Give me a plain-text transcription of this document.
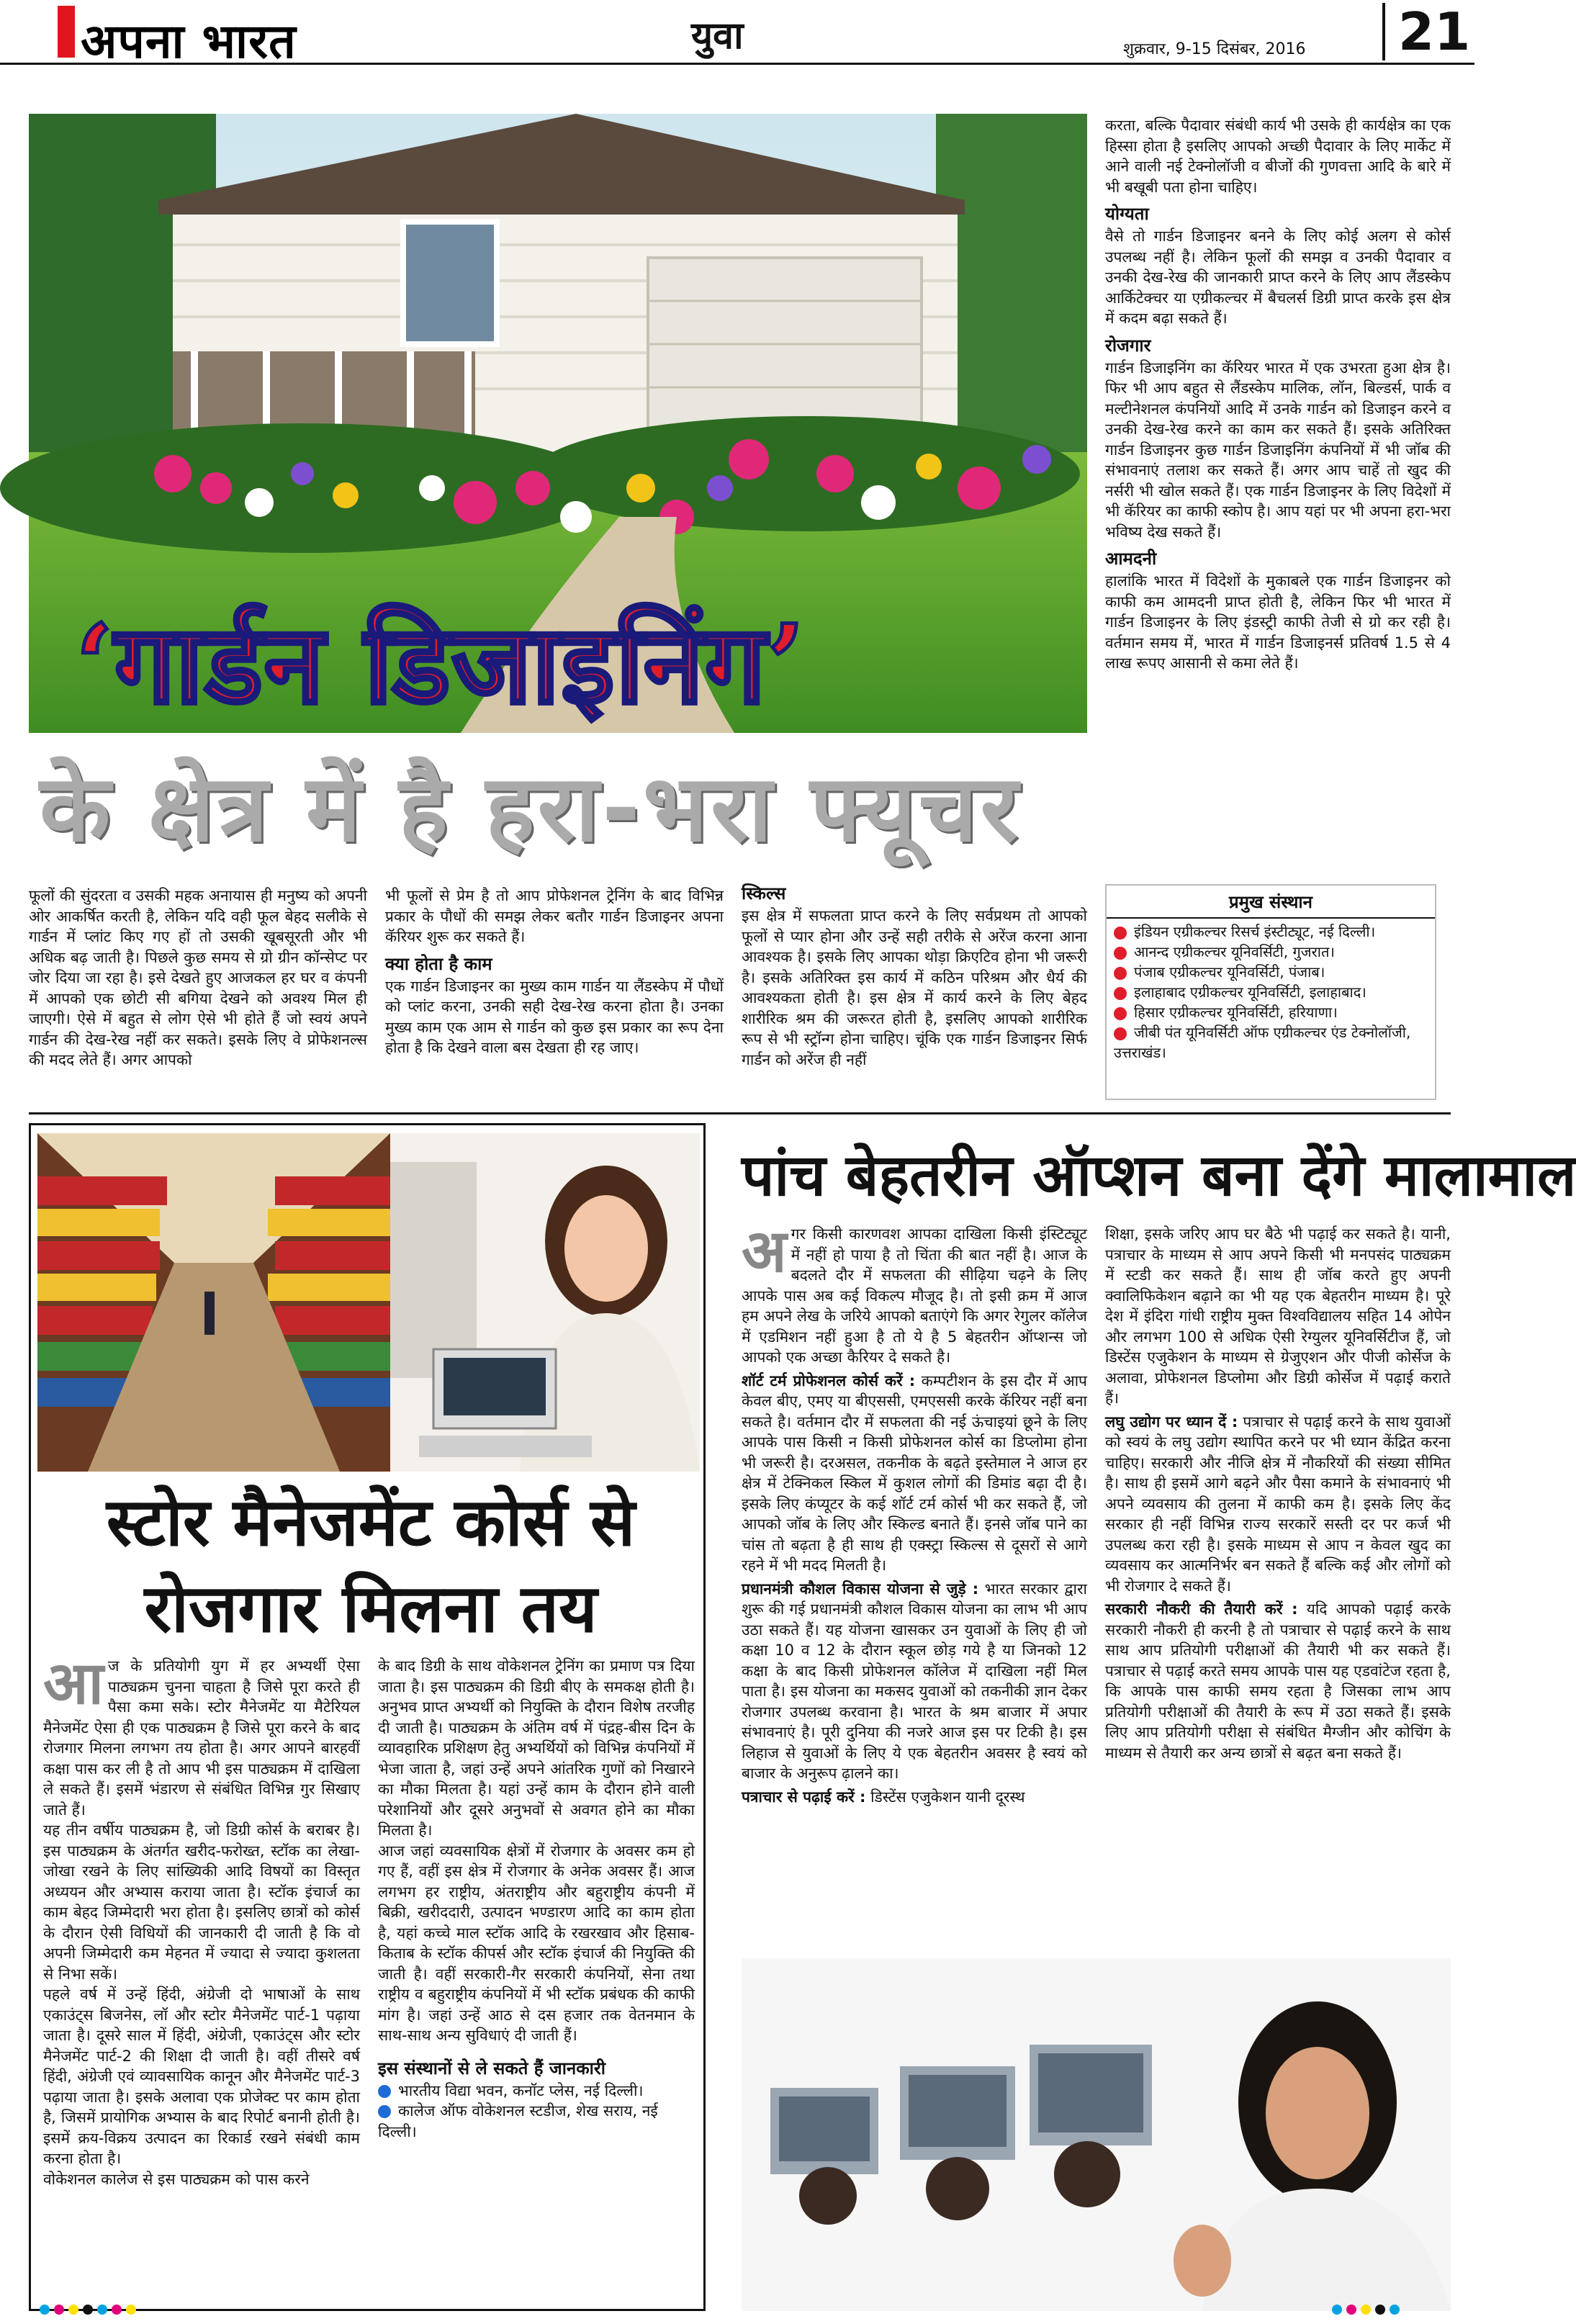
अपना भारत	युवा	शुक्रवार, 9-15 दिसंबर, 2016	21
‘गार्डन डिजाइनिंग’
के क्षेत्र में है हरा-भरा फ्यूचर

करता, बल्कि पैदावार संबंधी कार्य भी उसके ही कार्यक्षेत्र का एक हिस्सा होता है इसलिए आपको अच्छी पैदावार के लिए मार्केट में आने वाली नई टेक्नोलॉजी व बीजों की गुणवत्ता आदि के बारे में भी बखूबी पता होना चाहिए।

योग्यता

वैसे तो गार्डन डिजाइनर बनने के लिए कोई अलग से कोर्स उपलब्ध नहीं है। लेकिन फूलों की समझ व उनकी पैदावार व उनकी देख-रेख की जानकारी प्राप्त करने के लिए आप लैंडस्केप आर्किटेक्चर या एग्रीकल्चर में बैचलर्स डिग्री प्राप्त करके इस क्षेत्र में कदम बढ़ा सकते हैं।

रोजगार

गार्डन डिजाइनिंग का कॅरियर भारत में एक उभरता हुआ क्षेत्र है। फिर भी आप बहुत से लैंडस्केप मालिक, लॉन, बिल्डर्स, पार्क व मल्टीनेशनल कंपनियों आदि में उनके गार्डन को डिजाइन करने व उनकी देख-रेख करने का काम कर सकते हैं। इसके अतिरिक्त गार्डन डिजाइनर कुछ गार्डन डिजाइनिंग कंपनियों में भी जॉब की संभावनाएं तलाश कर सकते हैं। अगर आप चाहें तो खुद की नर्सरी भी खोल सकते हैं। एक गार्डन डिजाइनर के लिए विदेशों में भी कॅरियर का काफी स्कोप है। आप यहां पर भी अपना हरा-भरा भविष्य देख सकते हैं।

आमदनी

हालांकि भारत में विदेशों के मुकाबले एक गार्डन डिजाइनर को काफी कम आमदनी प्राप्त होती है, लेकिन फिर भी भारत में गार्डन डिजाइनर के लिए इंडस्ट्री काफी तेजी से ग्रो कर रही है। वर्तमान समय में, भारत में गार्डन डिजाइनर्स प्रतिवर्ष 1.5 से 4 लाख रूपए आसानी से कमा लेते हैं।

प्रमुख संस्थान
इंडियन एग्रीकल्चर रिसर्च इंस्टीट्यूट, नई दिल्ली।
आनन्द एग्रीकल्चर यूनिवर्सिटी, गुजरात।
पंजाब एग्रीकल्चर यूनिवर्सिटी, पंजाब।
इलाहाबाद एग्रीकल्चर यूनिवर्सिटी, इलाहाबाद।
हिसार एग्रीकल्चर यूनिवर्सिटी, हरियाणा।
जीबी पंत यूनिवर्सिटी ऑफ एग्रीकल्चर एंड टेक्नोलॉजी, उत्तराखंड।

फूलों की सुंदरता व उसकी महक अनायास ही मनुष्य को अपनी ओर आकर्षित करती है, लेकिन यदि वही फूल बेहद सलीके से गार्डन में प्लांट किए गए हों तो उसकी खूबसूरती और भी अधिक बढ़ जाती है। पिछले कुछ समय से ग्रो ग्रीन कॉन्सेप्ट पर जोर दिया जा रहा है। इसे देखते हुए आजकल हर घर व कंपनी में आपको एक छोटी सी बगिया देखने को अवश्य मिल ही जाएगी। ऐसे में बहुत से लोग ऐसे भी होते हैं जो स्वयं अपने गार्डन की देख-रेख नहीं कर सकते। इसके लिए वे प्रोफेशनल्स की मदद लेते हैं। अगर आपको

भी फूलों से प्रेम है तो आप प्रोफेशनल ट्रेनिंग के बाद विभिन्न प्रकार के पौधों की समझ लेकर बतौर गार्डन डिजाइनर अपना कॅरियर शुरू कर सकते हैं।

क्या होता है काम

एक गार्डन डिजाइनर का मुख्य काम गार्डन या लैंडस्केप में पौधों को प्लांट करना, उनकी सही देख-रेख करना होता है। उनका मुख्य काम एक आम से गार्डन को कुछ इस प्रकार का रूप देना होता है कि देखने वाला बस देखता ही रह जाए।

स्किल्स

इस क्षेत्र में सफलता प्राप्त करने के लिए सर्वप्रथम तो आपको फूलों से प्यार होना और उन्हें सही तरीके से अरेंज करना आना आवश्यक है। इसके लिए आपका थोड़ा क्रिएटिव होना भी जरूरी है। इसके अतिरिक्त इस कार्य में कठिन परिश्रम और धैर्य की आवश्यकता होती है। इस क्षेत्र में कार्य करने के लिए बेहद शारीरिक श्रम की जरूरत होती है, इसलिए आपको शारीरिक रूप से भी स्ट्रॉन्ग होना चाहिए। चूंकि एक गार्डन डिजाइनर सिर्फ गार्डन को अरेंज ही नहीं

स्टोर मैनेजमेंट कोर्स से रोजगार मिलना तय
आज के प्रतियोगी युग में हर अभ्यर्थी ऐसा पाठ्यक्रम चुनना चाहता है जिसे पूरा करते ही पैसा कमा सके। स्टोर मैनेजमेंट या मैटेरियल मैनेजमेंट ऐसा ही एक पाठ्यक्रम है जिसे पूरा करने के बाद रोजगार मिलना लगभग तय होता है। अगर आपने बारहवीं कक्षा पास कर ली है तो आप भी इस पाठ्यक्रम में दाखिला ले सकते हैं। इसमें भंडारण से संबंधित विभिन्न गुर सिखाए जाते हैं।
यह तीन वर्षीय पाठ्यक्रम है, जो डिग्री कोर्स के बराबर है। इस पाठ्यक्रम के अंतर्गत खरीद-फरोख्त, स्टॉक का लेखा-जोखा रखने के लिए सांख्यिकी आदि विषयों का विस्तृत अध्ययन और अभ्यास कराया जाता है। स्टॉक इंचार्ज का काम बेहद जिम्मेदारी भरा होता है। इसलिए छात्रों को कोर्स के दौरान ऐसी विधियों की जानकारी दी जाती है कि वो अपनी जिम्मेदारी कम मेहनत में ज्यादा से ज्यादा कुशलता से निभा सकें।
पहले वर्ष में उन्हें हिंदी, अंग्रेजी दो भाषाओं के साथ एकाउंट्स बिजनेस, लॉ और स्टोर मैनेजमेंट पार्ट-1 पढ़ाया जाता है। दूसरे साल में हिंदी, अंग्रेजी, एकाउंट्स और स्टोर मैनेजमेंट पार्ट-2 की शिक्षा दी जाती है। वहीं तीसरे वर्ष हिंदी, अंग्रेजी एवं व्यावसायिक कानून और मैनेजमेंट पार्ट-3 पढ़ाया जाता है। इसके अलावा एक प्रोजेक्ट पर काम होता है, जिसमें प्रायोगिक अभ्यास के बाद रिपोर्ट बनानी होती है। इसमें क्रय-विक्रय उत्पादन का रिकार्ड रखने संबंधी काम करना होता है।
वोकेशनल कालेज से इस पाठ्यक्रम को पास करने

के बाद डिग्री के साथ वोकेशनल ट्रेनिंग का प्रमाण पत्र दिया जाता है। इस पाठ्यक्रम की डिग्री बीए के समकक्ष होती है। अनुभव प्राप्त अभ्यर्थी को नियुक्ति के दौरान विशेष तरजीह दी जाती है। पाठ्यक्रम के अंतिम वर्ष में पंद्रह-बीस दिन के व्यावहारिक प्रशिक्षण हेतु अभ्यर्थियों को विभिन्न कंपनियों में भेजा जाता है, जहां उन्हें अपने आंतरिक गुणों को निखारने का मौका मिलता है। यहां उन्हें काम के दौरान होने वाली परेशानियों और दूसरे अनुभवों से अवगत होने का मौका मिलता है।
आज जहां व्यवसायिक क्षेत्रों में रोजगार के अवसर कम हो गए हैं, वहीं इस क्षेत्र में रोजगार के अनेक अवसर हैं। आज लगभग हर राष्ट्रीय, अंतराष्ट्रीय और बहुराष्ट्रीय कंपनी में बिक्री, खरीददारी, उत्पादन भण्डारण आदि का काम होता है, यहां कच्चे माल स्टॉक आदि के रखरखाव और हिसाब-किताब के स्टॉक कीपर्स और स्टॉक इंचार्ज की नियुक्ति की जाती है। वहीं सरकारी-गैर सरकारी कंपनियों, सेना तथा राष्ट्रीय व बहुराष्ट्रीय कंपनियों में भी स्टॉक प्रबंधक की काफी मांग है। जहां उन्हें आठ से दस हजार तक वेतनमान के साथ-साथ अन्य सुविधाएं दी जाती हैं।

इस संस्थानों से ले सकते हैं जानकारी
भारतीय विद्या भवन, कनॉट प्लेस, नई दिल्ली।
कालेज ऑफ वोकेशनल स्टडीज, शेख सराय, नई दिल्ली।
पांच बेहतरीन ऑप्शन बना देंगे मालामाल
अगर किसी कारणवश आपका दाखिला किसी इंस्टिट्यूट में नहीं हो पाया है तो चिंता की बात नहीं है। आज के बदलते दौर में सफलता की सीढ़िया चढ़ने के लिए आपके पास अब कई विकल्प मौजूद है। तो इसी क्रम में आज हम अपने लेख के जरिये आपको बताएंगे कि अगर रेगुलर कॉलेज में एडमिशन नहीं हुआ है तो ये है 5 बेहतरीन ऑप्शन्स जो आपको एक अच्छा कैरियर दे सकते है।

शॉर्ट टर्म प्रोफेशनल कोर्स करें : कम्पटीशन के इस दौर में आप केवल बीए, एमए या बीएससी, एमएससी करके कॅरियर नहीं बना सकते है। वर्तमान दौर में सफलता की नई ऊंचाइयां छूने के लिए आपके पास किसी न किसी प्रोफेशनल कोर्स का डिप्लोमा होना भी जरूरी है। दरअसल, तकनीक के बढ़ते इस्तेमाल ने आज हर क्षेत्र में टेक्निकल स्किल में कुशल लोगों की डिमांड बढ़ा दी है। इसके लिए कंप्यूटर के कई शॉर्ट टर्म कोर्स भी कर सकते हैं, जो आपको जॉब के लिए और स्किल्ड बनाते हैं। इनसे जॉब पाने का चांस तो बढ़ता है ही साथ ही एक्स्ट्रा स्किल्स से दूसरों से आगे रहने में भी मदद मिलती है।

प्रधानमंत्री कौशल विकास योजना से जुड़े : भारत सरकार द्वारा शुरू की गई प्रधानमंत्री कौशल विकास योजना का लाभ भी आप उठा सकते हैं। यह योजना खासकर उन युवाओं के लिए ही जो कक्षा 10 व 12 के दौरान स्कूल छोड़ गये है या जिनको 12 कक्षा के बाद किसी प्रोफेशनल कॉलेज में दाखिला नहीं मिल पाता है। इस योजना का मकसद युवाओं को तकनीकी ज्ञान देकर रोजगार उपलब्ध करवाना है। भारत के श्रम बाजार में अपार संभावनाएं है। पूरी दुनिया की नजरे आज इस पर टिकी है। इस लिहाज से युवाओं के लिए ये एक बेहतरीन अवसर है स्वयं को बाजार के अनुरूप ढ़ालने का।

पत्राचार से पढ़ाई करें : डिस्टेंस एजुकेशन यानी दूरस्थ

शिक्षा, इसके जरिए आप घर बैठे भी पढ़ाई कर सकते है। यानी, पत्राचार के माध्यम से आप अपने किसी भी मनपसंद पाठ्यक्रम में स्टडी कर सकते हैं। साथ ही जॉब करते हुए अपनी क्वालिफिकेशन बढ़ाने का भी यह एक बेहतरीन माध्यम है। पूरे देश में इंदिरा गांधी राष्ट्रीय मुक्त विश्वविद्यालय सहित 14 ओपेन और लगभग 100 से अधिक ऐसी रेग्युलर यूनिवर्सिटीज हैं, जो डिस्टेंस एजुकेशन के माध्यम से ग्रेजुएशन और पीजी कोर्सेज के अलावा, प्रोफेशनल डिप्लोमा और डिग्री कोर्सेज में पढ़ाई कराते हैं।

लघु उद्योग पर ध्यान दें : पत्राचार से पढ़ाई करने के साथ युवाओं को स्वयं के लघु उद्योग स्थापित करने पर भी ध्यान केंद्रित करना चाहिए। सरकारी और नीजि क्षेत्र में नौकरियों की संख्या सीमित है। साथ ही इसमें आगे बढ़ने और पैसा कमाने के संभावनाएं भी अपने व्यवसाय की तुलना में काफी कम है। इसके लिए केंद सरकार ही नहीं विभिन्न राज्य सरकारें सस्ती दर पर कर्ज भी उपलब्ध करा रही है। इसके माध्यम से आप न केवल खुद का व्यवसाय कर आत्मनिर्भर बन सकते हैं बल्कि कई और लोगों को भी रोजगार दे सकते हैं।

सरकारी नौकरी की तैयारी करें : यदि आपको पढ़ाई करके सरकारी नौकरी ही करनी है तो पत्राचार से पढ़ाई करने के साथ साथ आप प्रतियोगी परीक्षाओं की तैयारी भी कर सकते हैं। पत्राचार से पढ़ाई करते समय आपके पास यह एडवांटेज रहता है, कि आपके पास काफी समय रहता है जिसका लाभ आप प्रतियोगी परीक्षाओं की तैयारी के रूप में उठा सकते हैं। इसके लिए आप प्रतियोगी परीक्षा से संबंधित मैग्जीन और कोचिंग के माध्यम से तैयारी कर अन्य छात्रों से बढ़त बना सकते हैं।
